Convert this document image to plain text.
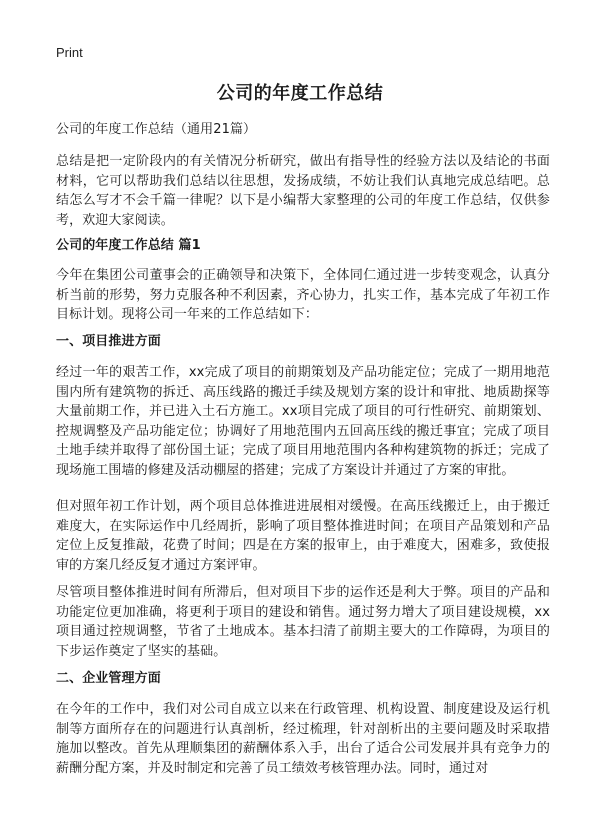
Print
公司的年度工作总结
公司的年度工作总结（通用21篇）
总结是把一定阶段内的有关情况分析研究，做出有指导性的经验方法以及结论的书面材料，它可以帮助我们总结以往思想，发扬成绩，不妨让我们认真地完成总结吧。总结怎么写才不会千篇一律呢？以下是小编帮大家整理的公司的年度工作总结，仅供参考，欢迎大家阅读。
公司的年度工作总结 篇1
今年在集团公司董事会的正确领导和决策下，全体同仁通过进一步转变观念，认真分析当前的形势，努力克服各种不利因素，齐心协力，扎实工作，基本完成了年初工作目标计划。现将公司一年来的工作总结如下：
一、项目推进方面
经过一年的艰苦工作，xx完成了项目的前期策划及产品功能定位；完成了一期用地范围内所有建筑物的拆迁、高压线路的搬迁手续及规划方案的设计和审批、地质勘探等大量前期工作，并已进入土石方施工。xx项目完成了项目的可行性研究、前期策划、控规调整及产品功能定位；协调好了用地范围内五回高压线的搬迁事宜；完成了项目土地手续并取得了部份国土证；完成了项目用地范围内各种构建筑物的拆迁；完成了现场施工围墙的修建及活动棚屋的搭建；完成了方案设计并通过了方案的审批。
但对照年初工作计划，两个项目总体推进进展相对缓慢。在高压线搬迁上，由于搬迁难度大，在实际运作中几经周折，影响了项目整体推进时间；在项目产品策划和产品定位上反复推敲，花费了时间；四是在方案的报审上，由于难度大，困难多，致使报审的方案几经反复才通过方案评审。
尽管项目整体推进时间有所滞后，但对项目下步的运作还是利大于弊。项目的产品和功能定位更加准确，将更利于项目的建设和销售。通过努力增大了项目建设规模，xx项目通过控规调整，节省了土地成本。基本扫清了前期主要大的工作障碍，为项目的下步运作奠定了坚实的基础。
二、企业管理方面
在今年的工作中，我们对公司自成立以来在行政管理、机构设置、制度建设及运行机制等方面所存在的问题进行认真剖析，经过梳理，针对剖析出的主要问题及时采取措施加以整改。首先从理顺集团的薪酬体系入手，出台了适合公司发展并具有竞争力的薪酬分配方案，并及时制定和完善了员工绩效考核管理办法。同时，通过对
